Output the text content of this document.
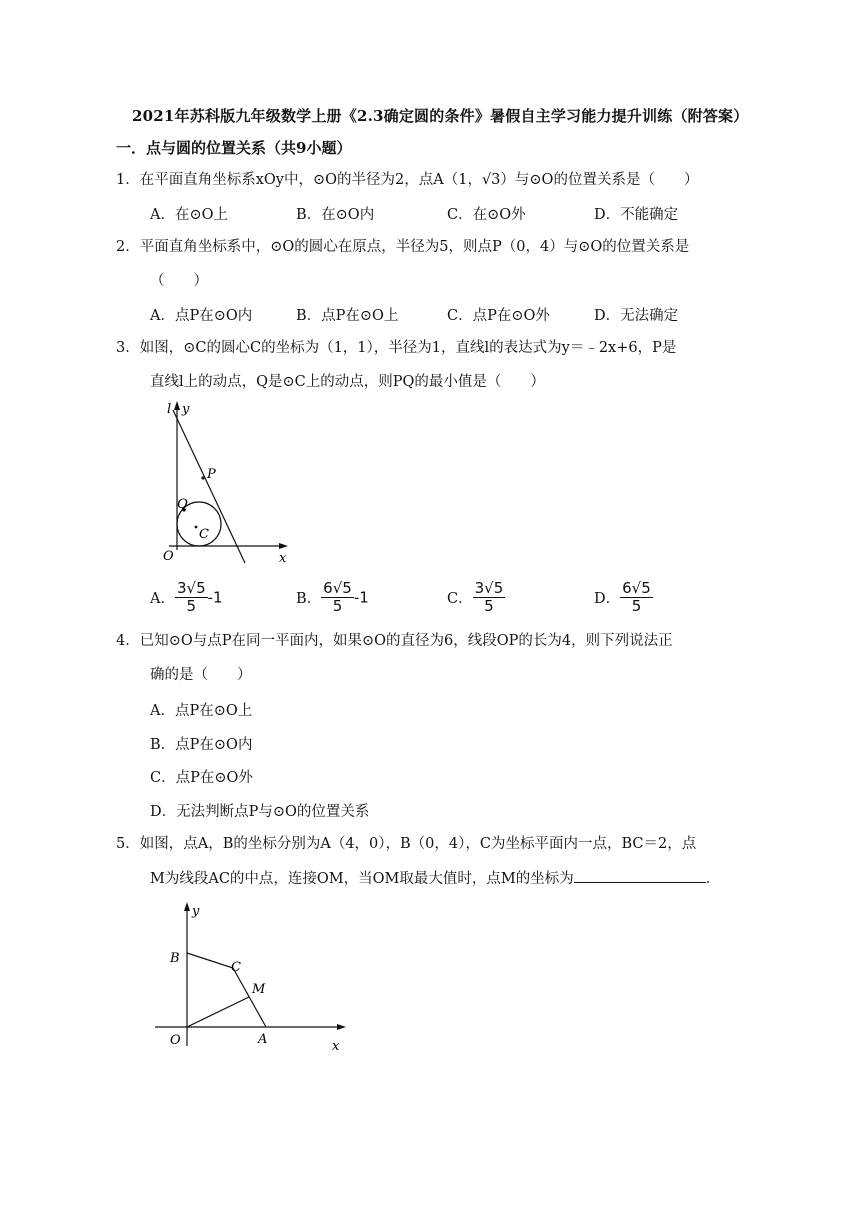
2021年苏科版九年级数学上册《2.3确定圆的条件》暑假自主学习能力提升训练（附答案）
一．点与圆的位置关系（共9小题）
1．在平面直角坐标系xOy中，⊙O的半径为2，点A（1，√3）与⊙O的位置关系是（　　）
A．在⊙O上	B．在⊙O内	C．在⊙O外	D．不能确定
2．平面直角坐标系中，⊙O的圆心在原点，半径为5，则点P（0，4）与⊙O的位置关系是
（　　）
A．点P在⊙O内	B．点P在⊙O上	C．点P在⊙O外	D．无法确定
3．如图，⊙C的圆心C的坐标为（1，1），半径为1，直线l的表达式为y＝﹣2x+6，P是
直线l上的动点，Q是⊙C上的动点，则PQ的最小值是（　　）
l y
P
Q
C
O	x
A． $\frac{3√5}{5} -1$	B． $\frac{6√5}{5} -1$	C． $\frac{3√5}{5}$	D． $\frac{6√5}{5}$
4．已知⊙O与点P在同一平面内，如果⊙O的直径为6，线段OP的长为4，则下列说法正
确的是（　　）
A．点P在⊙O上
B．点P在⊙O内
C．点P在⊙O外
D．无法判断点P与⊙O的位置关系
5．如图，点A，B的坐标分别为A（4，0），B（0，4），C为坐标平面内一点，BC＝2，点
M为线段AC的中点，连接OM，当OM取最大值时，点M的坐标为	．
y
B
C
M
O	A	x
